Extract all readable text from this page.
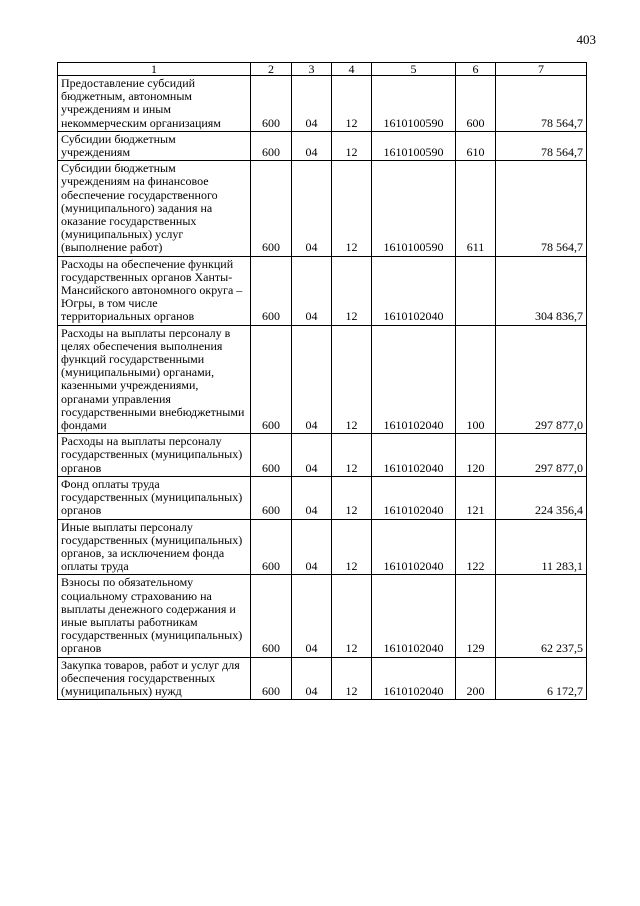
403
1	2	3	4	5	6	7
Предоставление субсидий бюджетным, автономным учреждениям и иным некоммерческим организациям	600	04	12	1610100590	600	78 564,7
Субсидии бюджетным учреждениям	600	04	12	1610100590	610	78 564,7
Субсидии бюджетным учреждениям на финансовое обеспечение государственного (муниципального) задания на оказание государственных (муниципальных) услуг (выполнение работ)	600	04	12	1610100590	611	78 564,7
Расходы на обеспечение функций государственных органов Ханты-Мансийского автономного округа – Югры, в том числе территориальных органов	600	04	12	1610102040		304 836,7
Расходы на выплаты персоналу в целях обеспечения выполнения функций государственными (муниципальными) органами, казенными учреждениями, органами управления государственными внебюджетными фондами	600	04	12	1610102040	100	297 877,0
Расходы на выплаты персоналу государственных (муниципальных) органов	600	04	12	1610102040	120	297 877,0
Фонд оплаты труда государственных (муниципальных) органов	600	04	12	1610102040	121	224 356,4
Иные выплаты персоналу государственных (муниципальных) органов, за исключением фонда оплаты труда	600	04	12	1610102040	122	11 283,1
Взносы по обязательному социальному страхованию на выплаты денежного содержания и иные выплаты работникам государственных (муниципальных) органов	600	04	12	1610102040	129	62 237,5
Закупка товаров, работ и услуг для обеспечения государственных (муниципальных) нужд	600	04	12	1610102040	200	6 172,7
